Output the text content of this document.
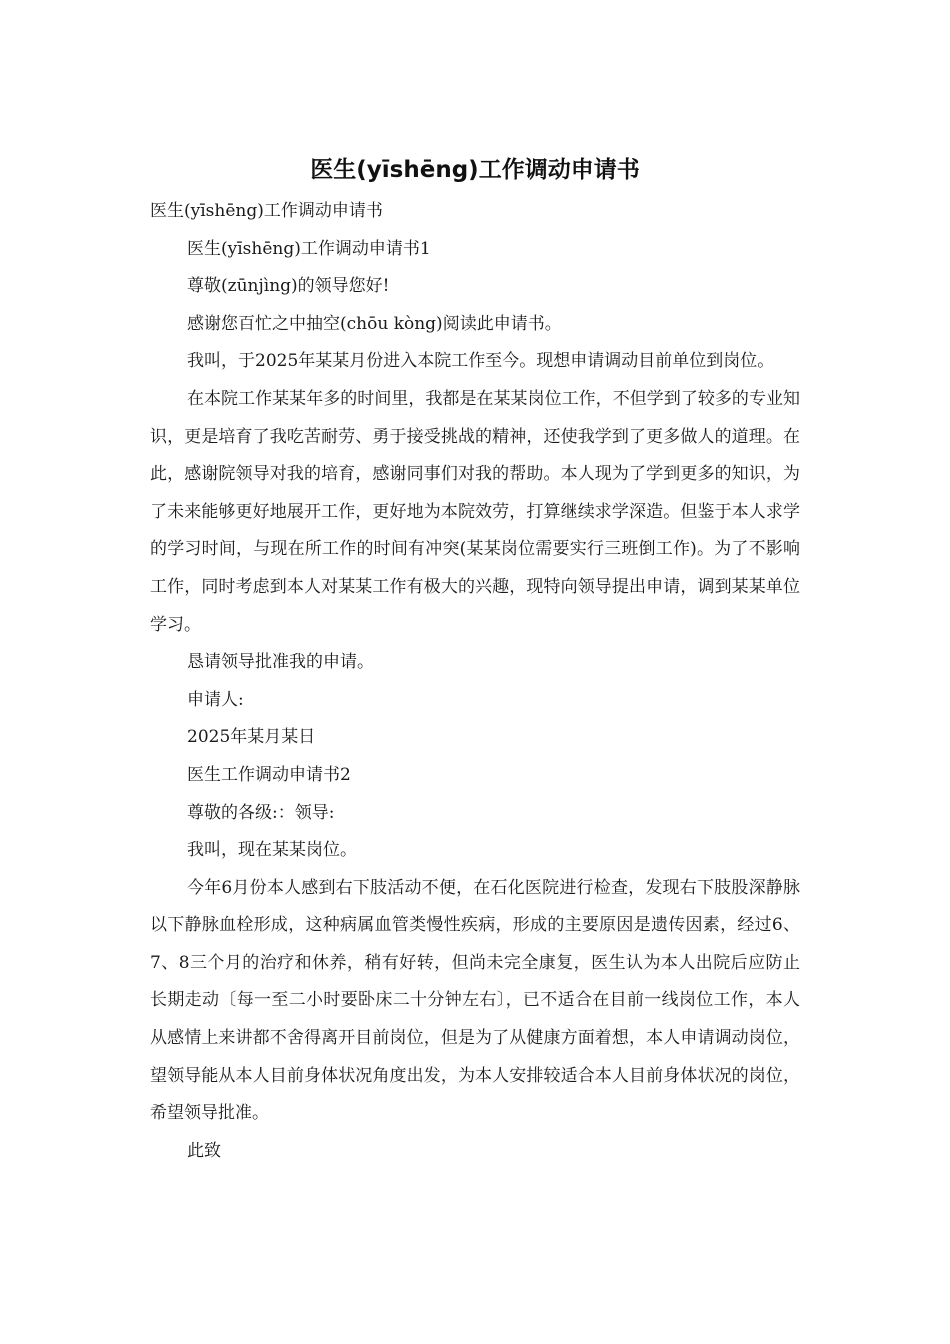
医生(yīshēng)工作调动申请书

医生(yīshēng)工作调动申请书

医生(yīshēng)工作调动申请书1

尊敬(zūnjìng)的领导您好!

感谢您百忙之中抽空(chōu kòng)阅读此申请书。

我叫，于2025年某某月份进入本院工作至今。现想申请调动目前单位到岗位。

在本院工作某某年多的时间里，我都是在某某岗位工作，不但学到了较多的专业知识，更是培育了我吃苦耐劳、勇于接受挑战的精神，还使我学到了更多做人的道理。在此，感谢院领导对我的培育，感谢同事们对我的帮助。本人现为了学到更多的知识，为了未来能够更好地展开工作，更好地为本院效劳，打算继续求学深造。但鉴于本人求学的学习时间，与现在所工作的时间有冲突(某某岗位需要实行三班倒工作)。为了不影响工作，同时考虑到本人对某某工作有极大的兴趣，现特向领导提出申请，调到某某单位学习。

恳请领导批准我的申请。

申请人:

2025年某月某日

医生工作调动申请书2

尊敬的各级:：领导:

我叫，现在某某岗位。

今年6月份本人感到右下肢活动不便，在石化医院进行检查，发现右下肢股深静脉以下静脉血栓形成，这种病属血管类慢性疾病，形成的主要原因是遗传因素，经过6、7、8三个月的治疗和休养，稍有好转，但尚未完全康复，医生认为本人出院后应防止长期走动〔每一至二小时要卧床二十分钟左右〕，已不适合在目前一线岗位工作，本人从感情上来讲都不舍得离开目前岗位，但是为了从健康方面着想，本人申请调动岗位，望领导能从本人目前身体状况角度出发，为本人安排较适合本人目前身体状况的岗位，希望领导批准。

此致
